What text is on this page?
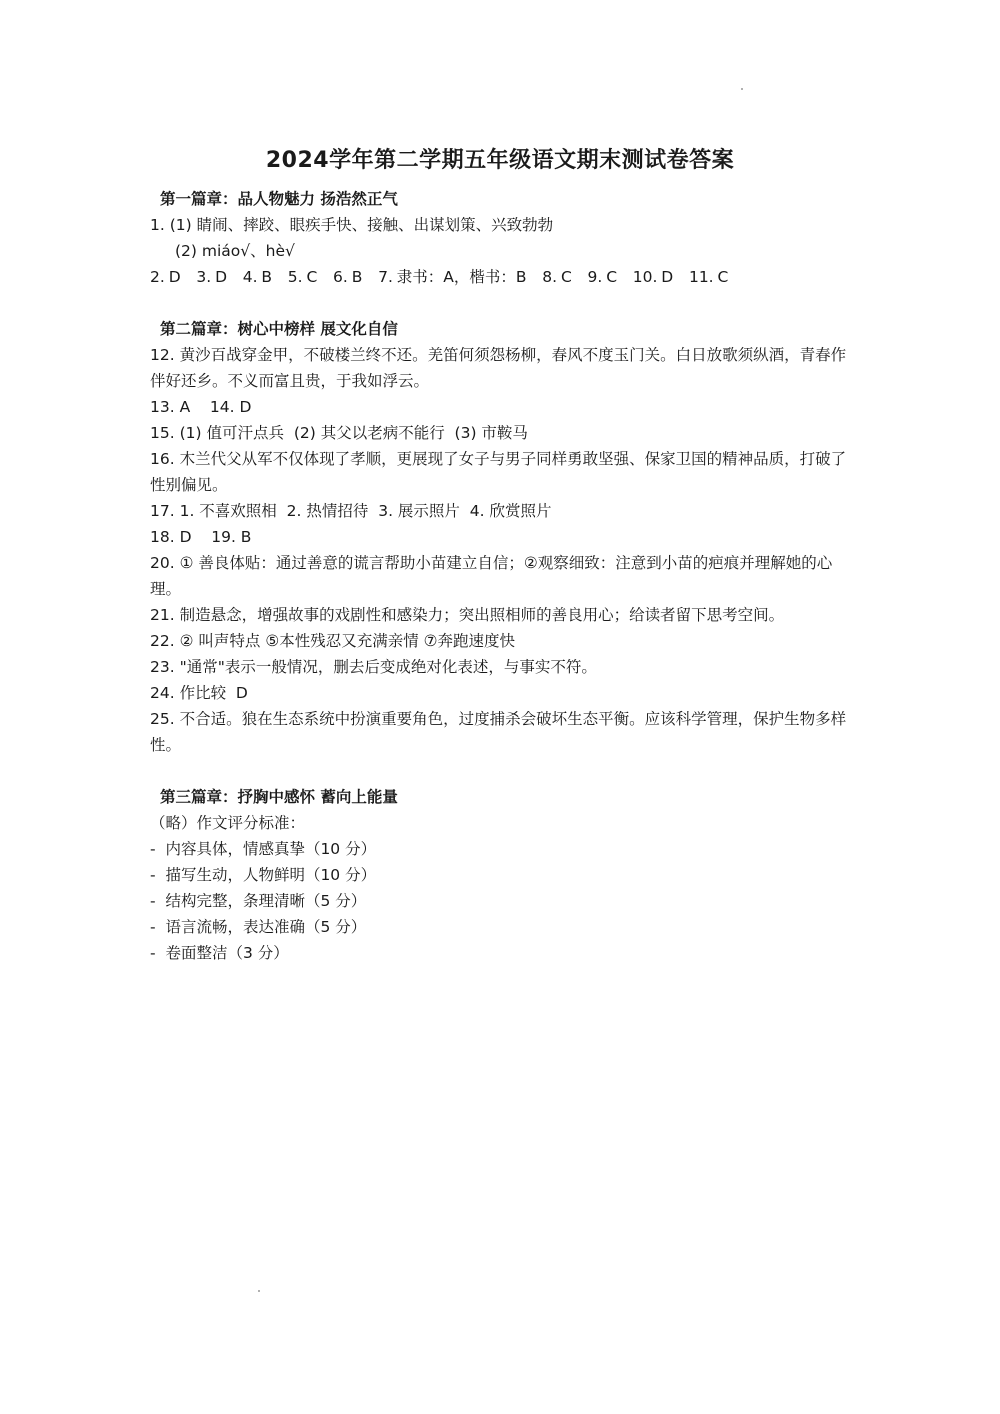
2024学年第二学期五年级语文期末测试卷答案
第一篇章：品人物魅力 扬浩然正气

1. (1) 睛闹、摔跤、眼疾手快、接触、出谋划策、兴致勃勃

(2) miáo√、hè√

2. D    3. D    4. B    5. C    6. B    7. 隶书：A，楷书：B    8. C    9. C    10. D    11. C

第二篇章：树心中榜样 展文化自信

12. 黄沙百战穿金甲，不破楼兰终不还。羌笛何须怨杨柳，春风不度玉门关。白日放歌须纵酒，青春作伴好还乡。不义而富且贵，于我如浮云。

13. A    14. D

15. (1) 值可汗点兵  (2) 其父以老病不能行  (3) 市鞍马

16. 木兰代父从军不仅体现了孝顺，更展现了女子与男子同样勇敢坚强、保家卫国的精神品质，打破了性别偏见。

17. 1. 不喜欢照相  2. 热情招待  3. 展示照片  4. 欣赏照片

18. D    19. B

20. ① 善良体贴：通过善意的谎言帮助小苗建立自信；②观察细致：注意到小苗的疤痕并理解她的心理。

21. 制造悬念，增强故事的戏剧性和感染力；突出照相师的善良用心；给读者留下思考空间。

22. ② 叫声特点 ⑤本性残忍又充满亲情 ⑦奔跑速度快

23. "通常"表示一般情况，删去后变成绝对化表述，与事实不符。

24. 作比较  D

25. 不合适。狼在生态系统中扮演重要角色，过度捕杀会破坏生态平衡。应该科学管理，保护生物多样性。

第三篇章：抒胸中感怀 蓄向上能量

（略）作文评分标准：

-  内容具体，情感真挚（10 分）

-  描写生动，人物鲜明（10 分）

-  结构完整，条理清晰（5 分）

-  语言流畅，表达准确（5 分）

-  卷面整洁（3 分）
